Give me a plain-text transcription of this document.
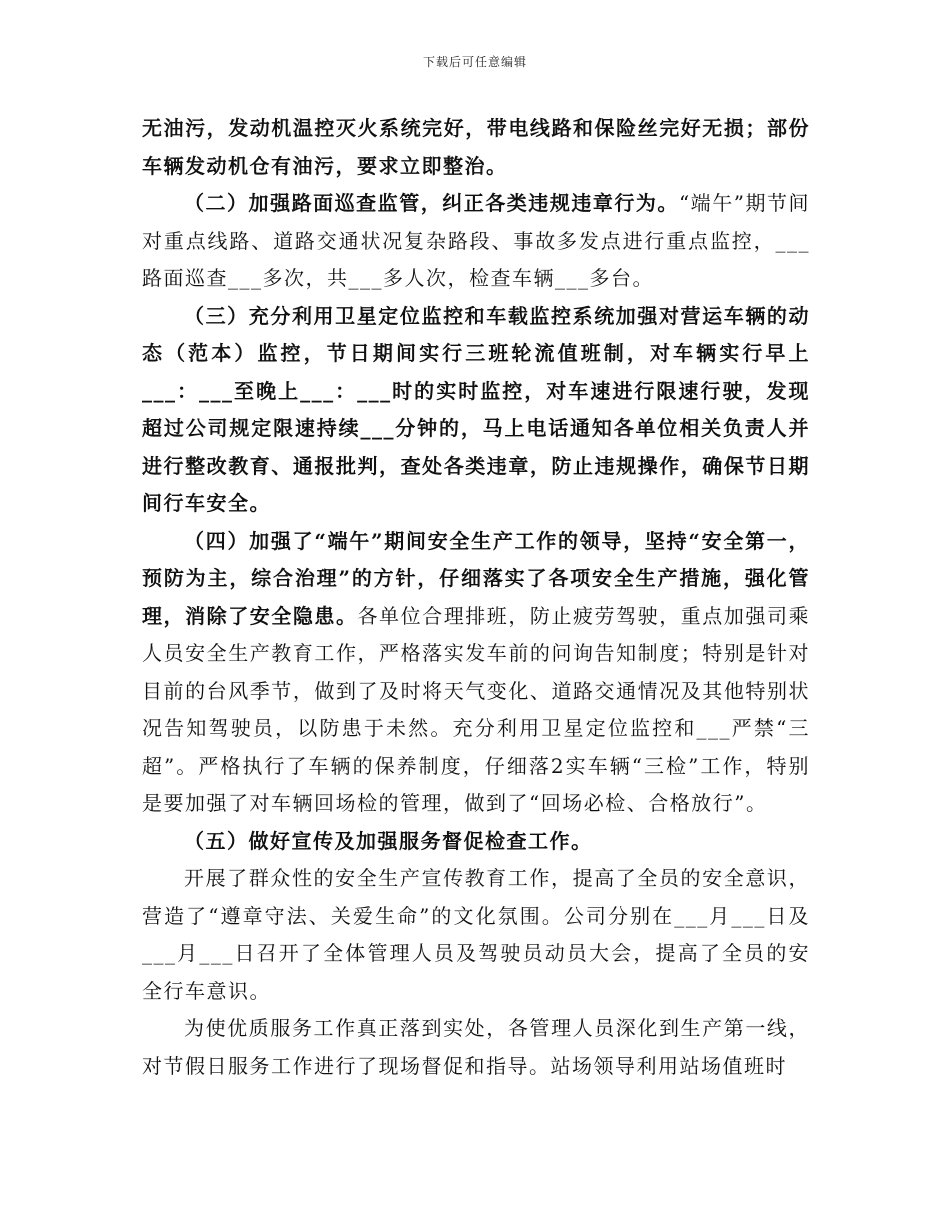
下载后可任意编辑

无油污，发动机温控灭火系统完好，带电线路和保险丝完好无损；部份车辆发动机仓有油污，要求立即整治。

（二）加强路面巡查监管，纠正各类违规违章行为。“端午”期节间对重点线路、道路交通状况复杂路段、事故多发点进行重点监控，___路面巡查___多次，共___多人次，检查车辆___多台。

（三）充分利用卫星定位监控和车载监控系统加强对营运车辆的动态（范本）监控，节日期间实行三班轮流值班制，对车辆实行早上___：___至晚上___：___时的实时监控，对车速进行限速行驶，发现超过公司规定限速持续___分钟的，马上电话通知各单位相关负责人并进行整改教育、通报批判，查处各类违章，防止违规操作，确保节日期间行车安全。

（四）加强了“端午”期间安全生产工作的领导，坚持“安全第一，预防为主，综合治理”的方针，仔细落实了各项安全生产措施，强化管理，消除了安全隐患。各单位合理排班，防止疲劳驾驶，重点加强司乘人员安全生产教育工作，严格落实发车前的问询告知制度；特别是针对目前的台风季节，做到了及时将天气变化、道路交通情况及其他特别状况告知驾驶员，以防患于未然。充分利用卫星定位监控和___严禁“三超”。严格执行了车辆的保养制度，仔细落2实车辆“三检”工作，特别是要加强了对车辆回场检的管理，做到了“回场必检、合格放行”。

（五）做好宣传及加强服务督促检查工作。

开展了群众性的安全生产宣传教育工作，提高了全员的安全意识，营造了“遵章守法、关爱生命”的文化氛围。公司分别在___月___日及___月___日召开了全体管理人员及驾驶员动员大会，提高了全员的安全行车意识。

为使优质服务工作真正落到实处，各管理人员深化到生产第一线，对节假日服务工作进行了现场督促和指导。站场领导利用站场值班时
